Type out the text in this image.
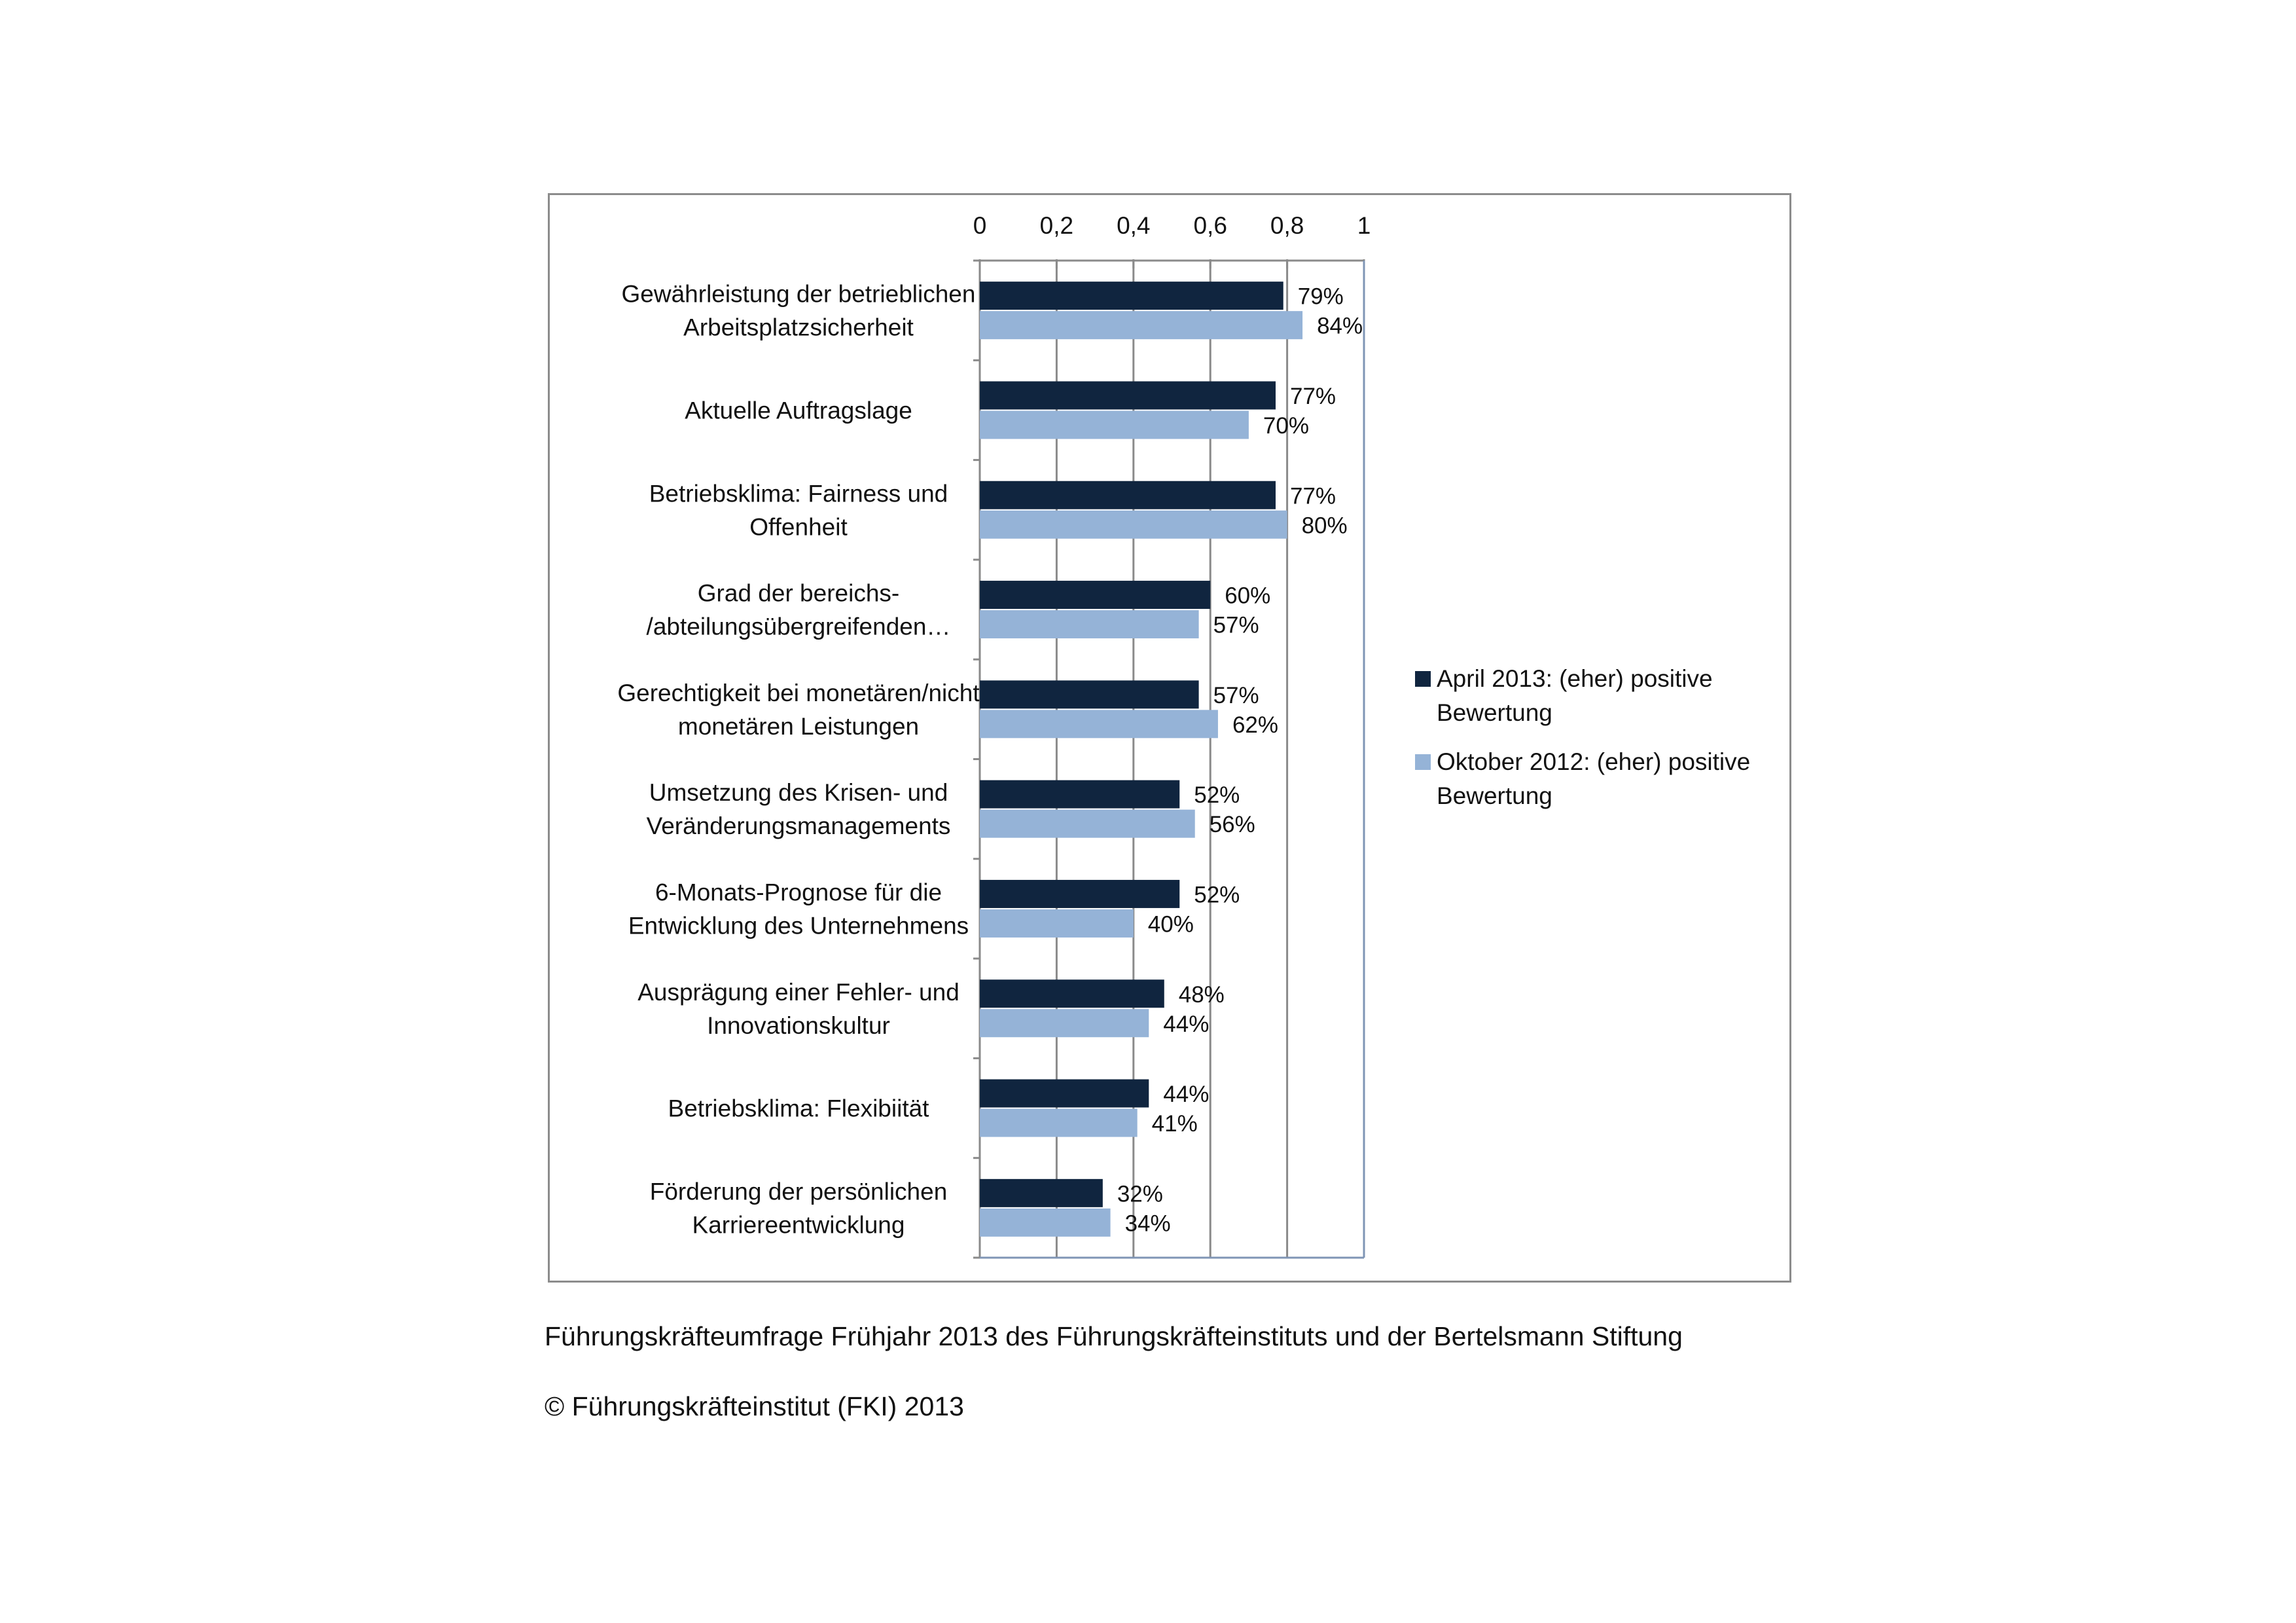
0 0,2 0,4 0,6 0,8 1
79%
84%
Gewährleistung der betrieblichen Arbeitsplatzsicherheit
77%
70%
Aktuelle Auftragslage
77%
80%
Betriebsklima: Fairness und Offenheit
60%
57%
Grad der bereichs-/abteilungsübergreifenden…
57%
62%
Gerechtigkeit bei monetären/nicht monetären Leistungen
52%
56%
Umsetzung des Krisen- und Veränderungsmanagements
52%
40%
6-Monats-Prognose für die Entwicklung des Unternehmens
48%
44%
Ausprägung einer Fehler- und Innovationskultur
44%
41%
Betriebsklima: Flexibiität
32%
34%
Förderung der persönlichen Karriereentwicklung
April 2013: (eher) positive Bewertung
Oktober 2012: (eher) positive Bewertung
Führungskräfteumfrage Frühjahr 2013 des Führungskräfteinstituts und der Bertelsmann Stiftung
© Führungskräfteinstitut (FKI) 2013
